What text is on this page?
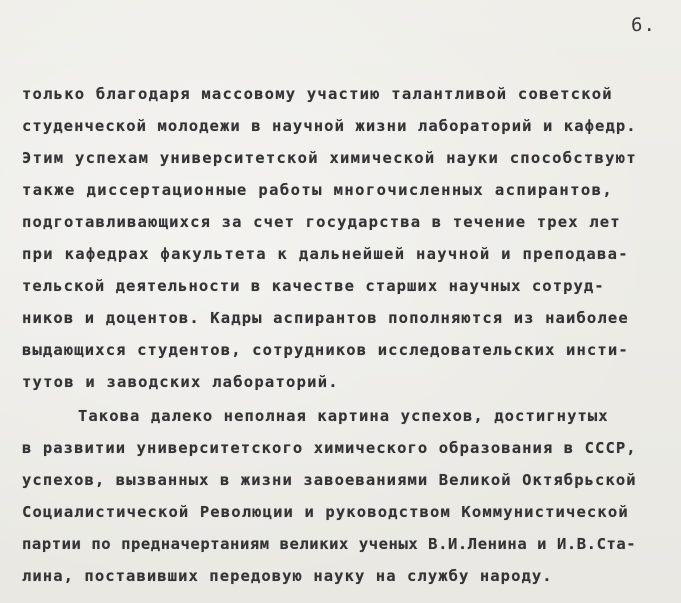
6.
только благодаря массовому участию талантливой советской
студенческой молодежи в научной жизни лабораторий и кафедр.
Этим успехам университетской химической науки способствуют
также диссертационные работы многочисленных аспирантов,
подготавливающихся за счет государства в течение трех лет
при кафедрах факультета к дальнейшей научной и преподава-
тельской деятельности в качестве старших научных сотруд-
ников и доцентов. Кадры аспирантов пополняются из наиболее
выдающихся студентов, сотрудников исследовательских инсти-
тутов и заводских лабораторий.
Такова далеко неполная картина успехов, достигнутых
в развитии университетского химического образования в СССР,
успехов, вызванных в жизни завоеваниями Великой Октябрьской
Социалистической Революции и руководством Коммунистической
партии по предначертаниям великих ученых В.И.Ленина и И.В.Ста-
лина, поставивших передовую науку на службу народу.
